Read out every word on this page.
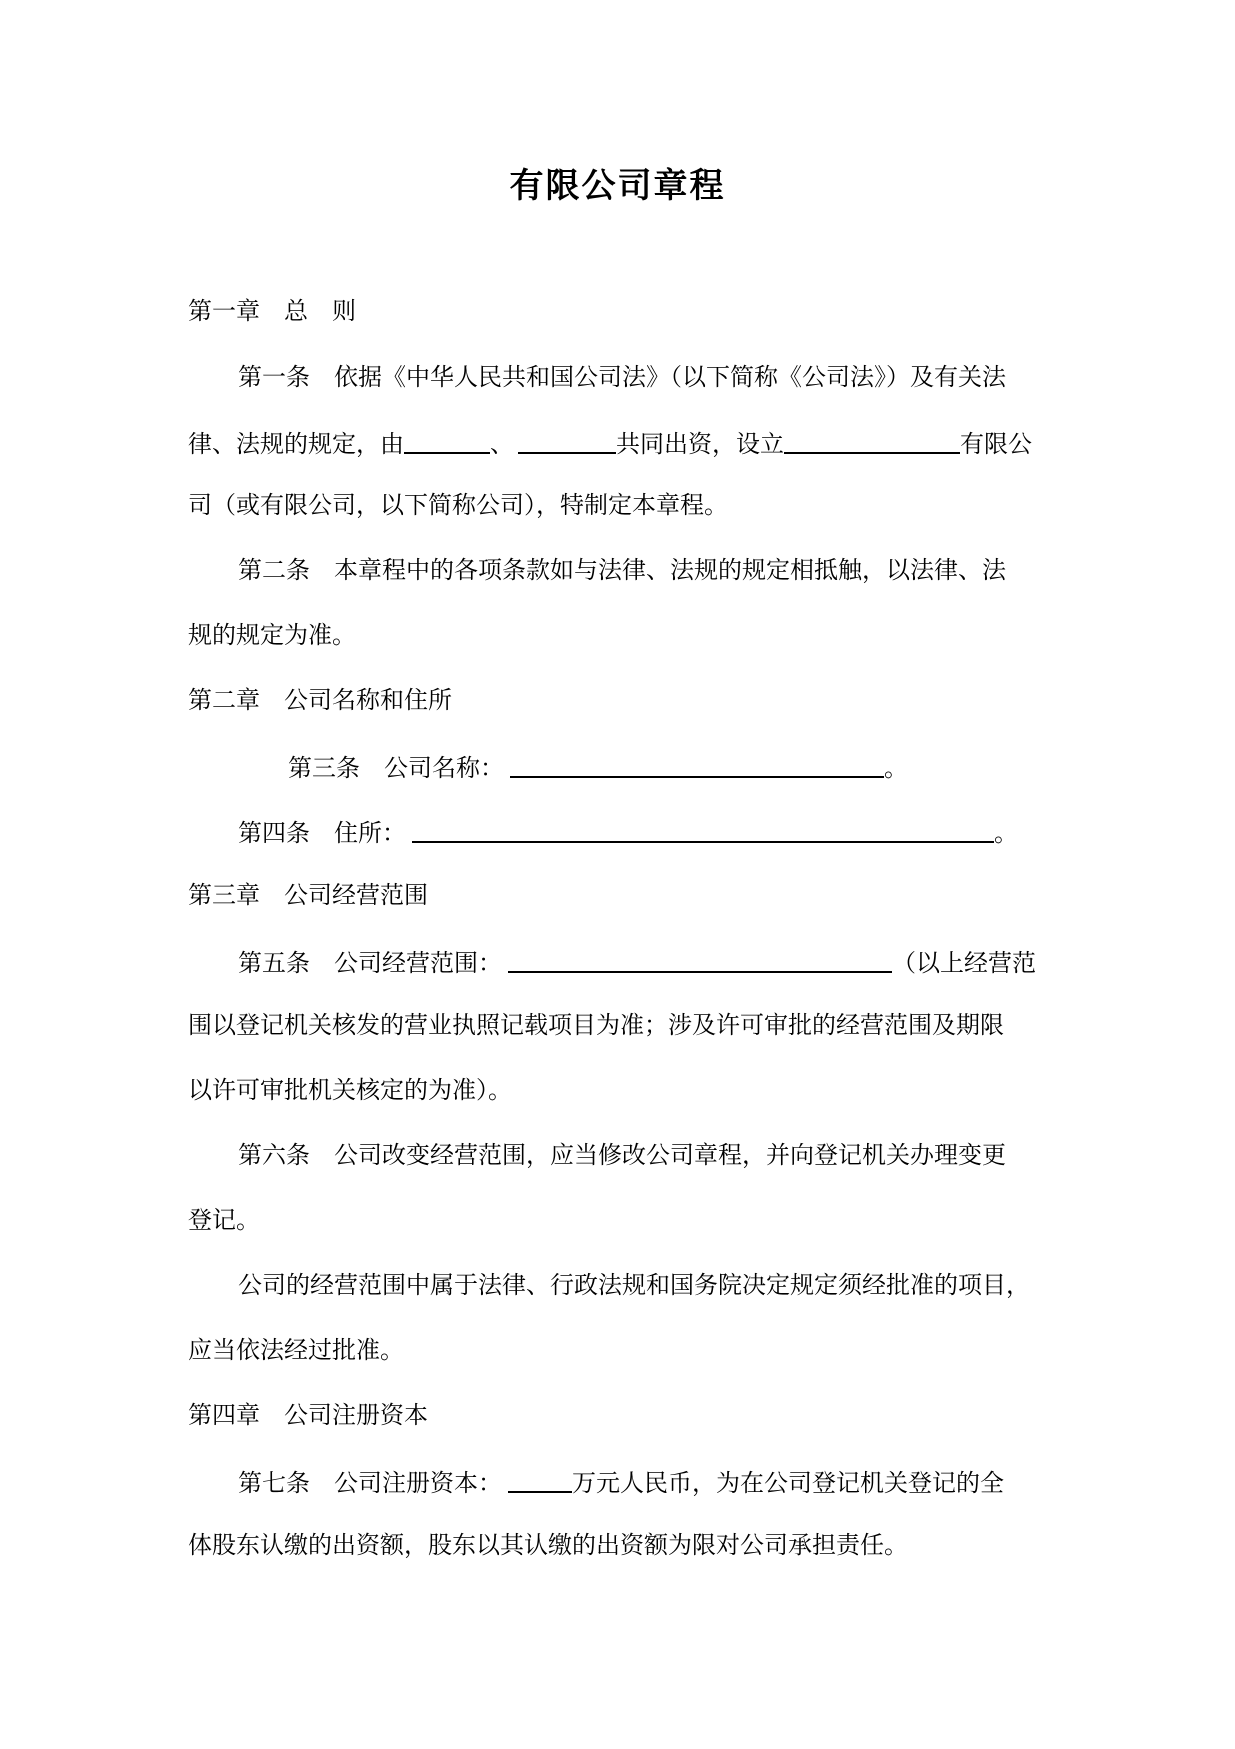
有限公司章程
第一章　总　则
第一条　依据《中华人民共和国公司法》（以下简称《公司法》）及有关法
律、法规的规定，由	、	共同出资，设立	有限公
司（或有限公司，以下简称公司），特制定本章程。
第二条　本章程中的各项条款如与法律、法规的规定相抵触，以法律、法
规的规定为准。
第二章　公司名称和住所
第三条　公司名称：	。
第四条　住所：	。
第三章　公司经营范围
第五条　公司经营范围：	（以上经营范
围以登记机关核发的营业执照记载项目为准；涉及许可审批的经营范围及期限
以许可审批机关核定的为准）。
第六条　公司改变经营范围，应当修改公司章程，并向登记机关办理变更
登记。
公司的经营范围中属于法律、行政法规和国务院决定规定须经批准的项目，
应当依法经过批准。
第四章　公司注册资本
第七条　公司注册资本：	万元人民币，为在公司登记机关登记的全
体股东认缴的出资额，股东以其认缴的出资额为限对公司承担责任。
